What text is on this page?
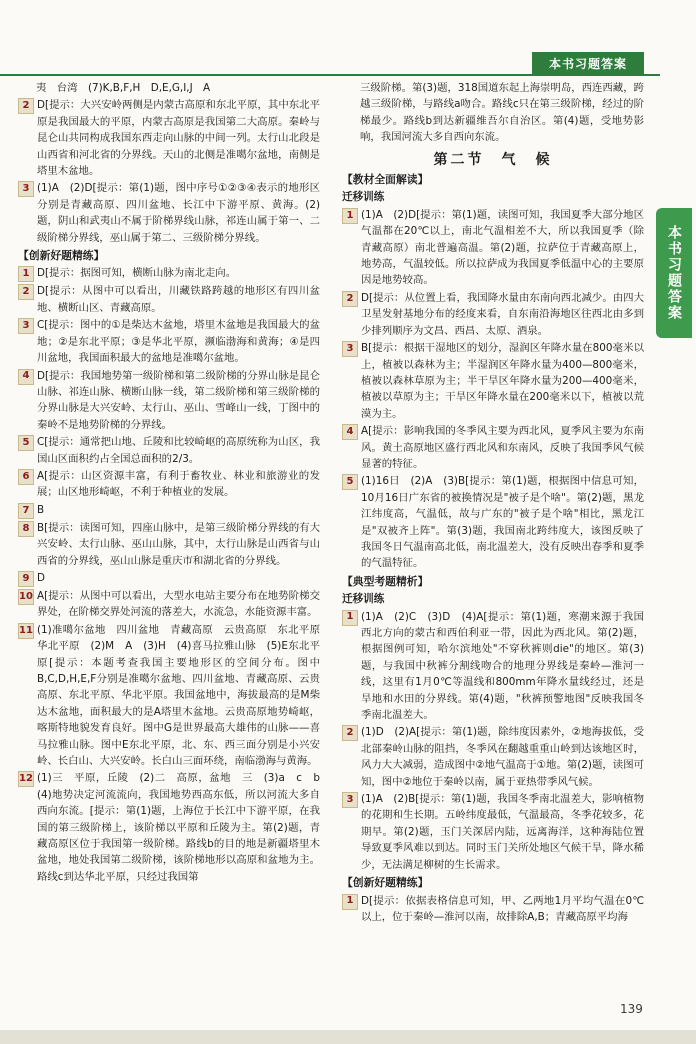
本书习题答案
本书习题答案
夷　台湾　(7)K,B,F,H　D,E,G,I,J　A
2 D[提示：大兴安岭两侧是内蒙古高原和东北平原，其中东北平原是我国最大的平原，内蒙古高原是我国第二大高原。秦岭与昆仑山共同构成我国东西走向山脉的中间一列。太行山北段是山西省和河北省的分界线。天山的北侧是准噶尔盆地，南侧是塔里木盆地。
3 (1)A　(2)D[提示：第(1)题，图中序号①②③④表示的地形区分别是青藏高原、四川盆地、长江中下游平原、黄海。(2)题，阴山和武夷山不属于阶梯界线山脉，祁连山属于第一、二级阶梯分界线，巫山属于第二、三级阶梯分界线。
【创新好题精练】
1 D[提示：据图可知，横断山脉为南北走向。
2 D[提示：从图中可以看出，川藏铁路跨越的地形区有四川盆地、横断山区、青藏高原。
3 C[提示：图中的①是柴达木盆地，塔里木盆地是我国最大的盆地；②是东北平原；③是华北平原，濒临渤海和黄海；④是四川盆地，我国面积最大的盆地是准噶尔盆地。
4 D[提示：我国地势第一级阶梯和第二级阶梯的分界山脉是昆仑山脉、祁连山脉、横断山脉一线，第二级阶梯和第三级阶梯的分界山脉是大兴安岭、太行山、巫山、雪峰山一线，丁图中的秦岭不是地势阶梯的分界线。
5 C[提示：通常把山地、丘陵和比较崎岖的高原统称为山区，我国山区面积约占全国总面积的2/3。
6 A[提示：山区资源丰富，有利于畜牧业、林业和旅游业的发展；山区地形崎岖，不利于种植业的发展。
7 B
8 B[提示：读图可知，四座山脉中，是第三级阶梯分界线的有大兴安岭、太行山脉、巫山山脉，其中，太行山脉是山西省与山西省的分界线，巫山山脉是重庆市和湖北省的分界线。
9 D
10 A[提示：从图中可以看出，大型水电站主要分布在地势阶梯交界处，在阶梯交界处河流的落差大，水流急，水能资源丰富。
11 (1)准噶尔盆地　四川盆地　青藏高原　云贵高原　东北平原　华北平原　(2)M　A　(3)H　(4)喜马拉雅山脉　(5)E东北平原[提示：本题考查我国主要地形区的空间分布。图中B,C,D,H,E,F分别是准噶尔盆地、四川盆地、青藏高原、云贵高原、东北平原、华北平原。我国盆地中，海拔最高的是M柴达木盆地，面积最大的是A塔里木盆地。云贵高原地势崎岖，喀斯特地貌发育良好。图中G是世界最高大雄伟的山脉——喜马拉雅山脉。图中E东北平原，北、东、西三面分别是小兴安岭、长白山、大兴安岭。长白山三面环绕，南临渤海与黄海。
12 (1)三　平原，丘陵　(2)二　高原，盆地　三　(3)a　c　b　(4)地势决定河流流向，我国地势西高东低，所以河流大多自西向东流。[提示：第(1)题，上海位于长江中下游平原，在我国的第三级阶梯上，该阶梯以平原和丘陵为主。第(2)题，青藏高原区位于我国第一级阶梯。路线b的目的地是新疆塔里木盆地，地处我国第二级阶梯，该阶梯地形以高原和盆地为主。路线c到达华北平原，只经过我国第
三级阶梯。第(3)题，318国道东起上海崇明岛，西连西藏，跨越三级阶梯，与路线a吻合。路线c只在第三级阶梯，经过的阶梯最少。路线b到达新疆维吾尔自治区。第(4)题，受地势影响，我国河流大多自西向东流。
第二节　气　候
【教材全面解读】
迁移训练
1 (1)A　(2)D[提示：第(1)题，读图可知，我国夏季大部分地区气温都在20℃以上，南北气温相差不大，所以我国夏季（除青藏高原）南北普遍高温。第(2)题，拉萨位于青藏高原上，地势高，气温较低。所以拉萨成为我国夏季低温中心的主要原因是地势较高。
2 D[提示：从位置上看，我国降水量由东南向西北减少。由四大卫星发射基地分布的经度来看，自东南沿海地区往西北由多到少排列顺序为文昌、西昌、太原、酒泉。
3 B[提示：根据干湿地区的划分，湿润区年降水量在800毫米以上，植被以森林为主；半湿润区年降水量为400—800毫米，植被以森林草原为主；半干旱区年降水量为200—400毫米，植被以草原为主；干旱区年降水量在200毫米以下，植被以荒漠为主。
4 A[提示：影响我国的冬季风主要为西北风，夏季风主要为东南风。黄土高原地区盛行西北风和东南风，反映了我国季风气候显著的特征。
5 (1)16日　(2)A　(3)B[提示：第(1)题，根据图中信息可知，10月16日广东省的被换情况是"被子是个啥"。第(2)题，黑龙江纬度高，气温低，故与广东的"被子是个啥"相比，黑龙江是"双被齐上阵"。第(3)题，我国南北跨纬度大，该图反映了我国冬日气温南高北低，南北温差大，没有反映出春季和夏季的气温特征。
【典型考题精析】
迁移训练
1 (1)A　(2)C　(3)D　(4)A[提示：第(1)题，寒潮来源于我国西北方向的蒙古和西伯利亚一带，因此为西北风。第(2)题，根据图例可知，哈尔滨地处"不穿秋裤则die"的地区。第(3)题，与我国中秋裤分割线吻合的地理分界线是秦岭—淮河一线，这里有1月0℃等温线和800mm年降水量线经过，还是旱地和水田的分界线。第(4)题，"秋裤预警地图"反映我国冬季南北温差大。
2 (1)D　(2)A[提示：第(1)题，除纬度因素外，②地海拔低，受北部秦岭山脉的阻挡，冬季风在翻越重重山岭到达该地区时，风力大大减弱，造成图中②地气温高于①地。第(2)题，读图可知，图中②地位于秦岭以南，属于亚热带季风气候。
3 (1)A　(2)B[提示：第(1)题，我国冬季南北温差大，影响植物的花期和生长期。五岭纬度最低，气温最高，冬季花较多，花期早。第(2)题，玉门关深居内陆，远离海洋，这种海陆位置导致夏季风难以到达。同时玉门关所处地区气候干旱，降水稀少，无法满足柳树的生长需求。
【创新好题精练】
1 D[提示：依据表格信息可知，甲、乙两地1月平均气温在0℃以上，位于秦岭—淮河以南，故排除A,B；青藏高原平均海
139
